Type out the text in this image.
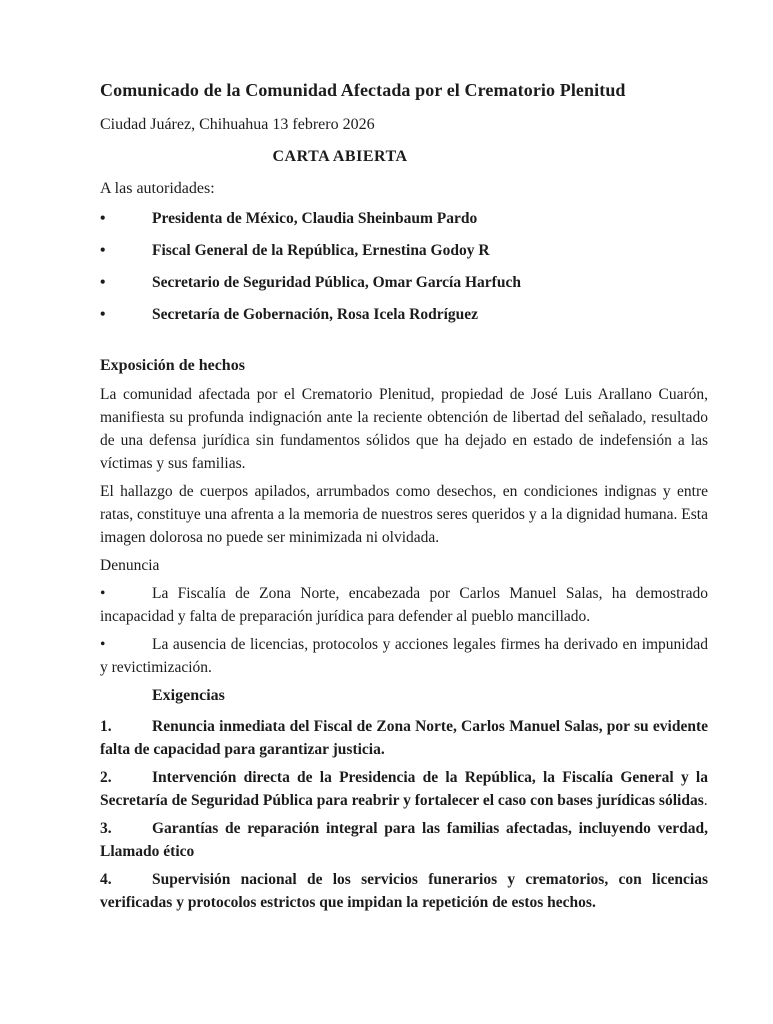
Comunicado de la Comunidad Afectada por el Crematorio Plenitud

Ciudad Juárez, Chihuahua 13 febrero 2026

CARTA ABIERTA

A las autoridades:

•	Presidenta de México, Claudia Sheinbaum Pardo
•	Fiscal General de la República, Ernestina Godoy R
•	Secretario de Seguridad Pública, Omar García Harfuch
•	Secretaría de Gobernación, Rosa Icela Rodríguez
Exposición de hechos

La comunidad afectada por el Crematorio Plenitud, propiedad de José Luis Arallano Cuarón, manifiesta su profunda indignación ante la reciente obtención de libertad del señalado, resultado de una defensa jurídica sin fundamentos sólidos que ha dejado en estado de indefensión a las víctimas y sus familias.

El hallazgo de cuerpos apilados, arrumbados como desechos, en condiciones indignas y entre ratas, constituye una afrenta a la memoria de nuestros seres queridos y a la dignidad humana. Esta imagen dolorosa no puede ser minimizada ni olvidada.

Denuncia

•	La Fiscalía de Zona Norte, encabezada por Carlos Manuel Salas, ha demostrado incapacidad y falta de preparación jurídica para defender al pueblo mancillado.

•	La ausencia de licencias, protocolos y acciones legales firmes ha derivado en impunidad y revictimización.

Exigencias

1.	Renuncia inmediata del Fiscal de Zona Norte, Carlos Manuel Salas, por su evidente falta de capacidad para garantizar justicia.

2.	Intervención directa de la Presidencia de la República, la Fiscalía General y la Secretaría de Seguridad Pública para reabrir y fortalecer el caso con bases jurídicas sólidas.

3.	Garantías de reparación integral para las familias afectadas, incluyendo verdad, Llamado ético

4.	Supervisión nacional de los servicios funerarios y crematorios, con licencias verificadas y protocolos estrictos que impidan la repetición de estos hechos.
